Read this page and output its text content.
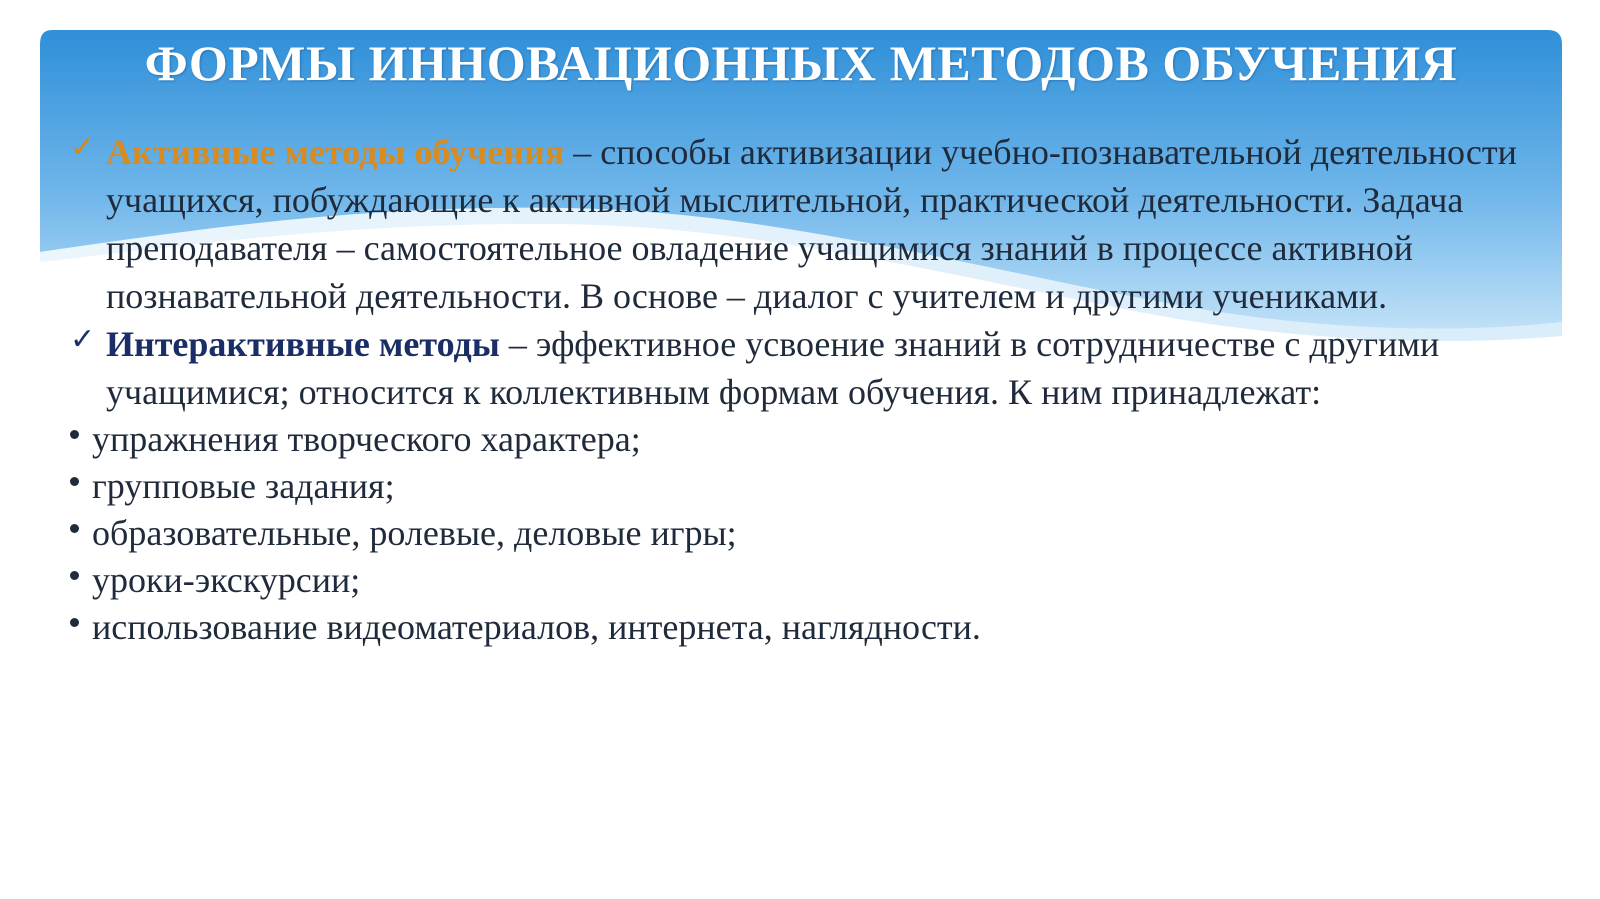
ФОРМЫ ИННОВАЦИОННЫХ МЕТОДОВ ОБУЧЕНИЯ
✓ Активные методы обучения – способы активизации учебно-познавательной деятельности учащихся, побуждающие к активной мыслительной, практической деятельности. Задача преподавателя – самостоятельное овладение учащимися знаний в процессе активной познавательной деятельности. В основе – диалог с учителем и другими учениками.
✓ Интерактивные методы – эффективное усвоение знаний в сотрудничестве с другими учащимися; относится к коллективным формам обучения. К ним принадлежат:
упражнения творческого характера;
групповые задания;
образовательные, ролевые, деловые игры;
уроки-экскурсии;
использование видеоматериалов, интернета, наглядности.
